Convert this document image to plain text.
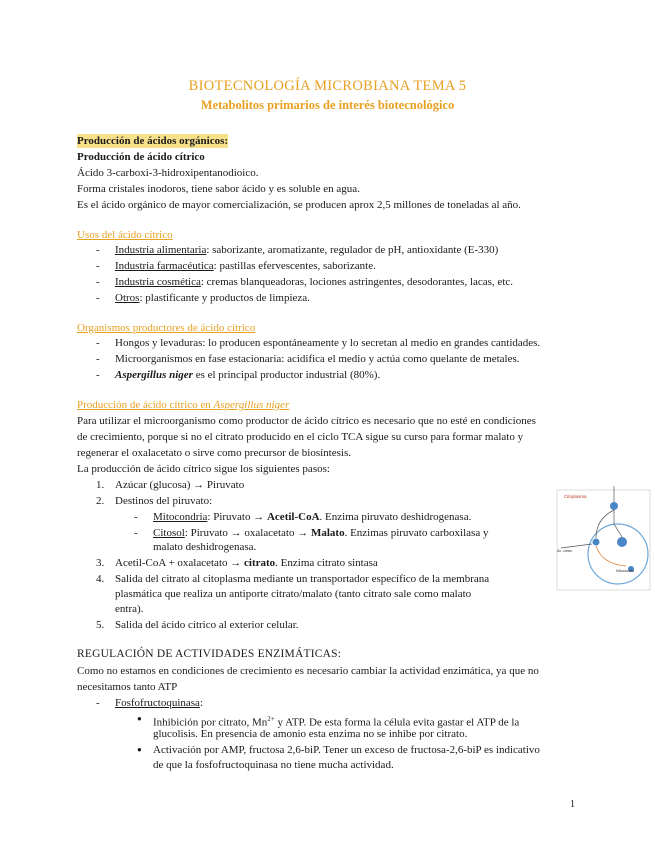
BIOTECNOLOGÍA MICROBIANA TEMA 5
Metabolitos primarios de interés biotecnológico
Producción de ácidos orgánicos:
Producción de ácido cítrico
Ácido 3-carboxi-3-hidroxipentanodioico.
Forma cristales inodoros, tiene sabor ácido y es soluble en agua.
Es el ácido orgánico de mayor comercialización, se producen aprox 2,5 millones de toneladas al año.
Usos del ácido cítrico
- Industria alimentaria: saborizante, aromatizante, regulador de pH, antioxidante (E-330)
- Industria farmacéutica: pastillas efervescentes, saborizante.
- Industria cosmética: cremas blanqueadoras, lociones astringentes, desodorantes, lacas, etc.
- Otros: plastificante y productos de limpieza.
Organismos productores de ácido cítrico
- Hongos y levaduras: lo producen espontáneamente y lo secretan al medio en grandes cantidades.
- Microorganismos en fase estacionaria: acidifica el medio y actúa como quelante de metales.
- Aspergillus niger es el principal productor industrial (80%).
Producción de ácido cítrico en Aspergillus niger
Para utilizar el microorganismo como productor de ácido cítrico es necesario que no esté en condiciones
de crecimiento, porque si no el citrato producido en el ciclo TCA sigue su curso para formar malato y
regenerar el oxalacetato o sirve como precursor de biosíntesis.
La producción de ácido cítrico sigue los siguientes pasos:
1. Azúcar (glucosa) → Piruvato
2. Destinos del piruvato:
- Mitocondria: Piruvato → Acetil-CoA. Enzima piruvato deshidrogenasa.
- Citosol: Piruvato → oxalacetato → Malato. Enzimas piruvato carboxilasa y
malato deshidrogenasa.
3. Acetil-CoA + oxalacetato → citrato. Enzima citrato sintasa
4. Salida del citrato al citoplasma mediante un transportador específico de la membrana
plasmática que realiza un antiporte citrato/malato (tanto citrato sale como malato
entra).
5. Salida del ácido cítrico al exterior celular.
Citoplasma
Ác. cítrico
Mitocondria
REGULACIÓN DE ACTIVIDADES ENZIMÁTICAS:
Como no estamos en condiciones de crecimiento es necesario cambiar la actividad enzimática, ya que no
necesitamos tanto ATP
- Fosfofructoquinasa:
● Inhibición por citrato, $Mn^{2+}$ y ATP. De esta forma la célula evita gastar el ATP de la
glucolisis. En presencia de amonio esta enzima no se inhibe por citrato.
● Activación por AMP, fructosa 2,6-biP. Tener un exceso de fructosa-2,6-biP es indicativo
de que la fosfofructoquinasa no tiene mucha actividad.
1
